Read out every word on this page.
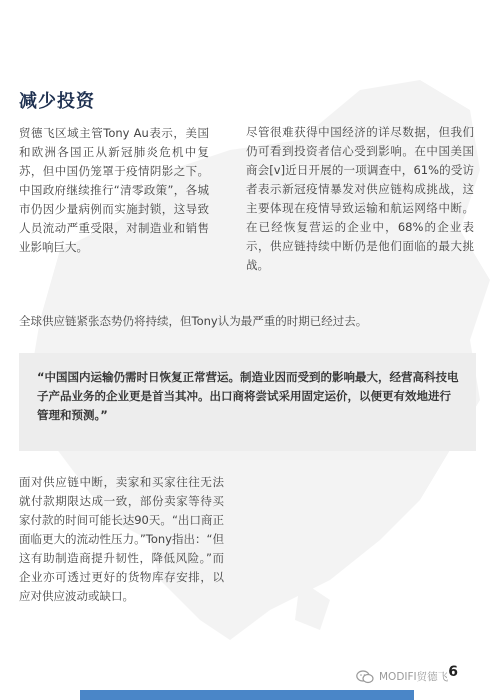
减少投资
贸德飞区域主管Tony Au表示，美国和欧洲各国正从新冠肺炎危机中复苏，但中国仍笼罩于疫情阴影之下。中国政府继续推行“清零政策”，各城市仍因少量病例而实施封锁，这导致人员流动严重受限，对制造业和销售业影响巨大。
尽管很难获得中国经济的详尽数据，但我们仍可看到投资者信心受到影响。在中国美国商会[v]近日开展的一项调查中，61%的受访者表示新冠疫情暴发对供应链构成挑战，这主要体现在疫情导致运输和航运网络中断。在已经恢复营运的企业中，68%的企业表示，供应链持续中断仍是他们面临的最大挑战。
全球供应链紧张态势仍将持续，但Tony认为最严重的时期已经过去。
“中国国内运输仍需时日恢复正常营运。制造业因而受到的影响最大，经营高科技电子产品业务的企业更是首当其冲。出口商将尝试采用固定运价，以便更有效地进行管理和预测。”
面对供应链中断，卖家和买家往往无法就付款期限达成一致，部份卖家等待买家付款的时间可能长达90天。“出口商正面临更大的流动性压力。”Tony指出：“但这有助制造商提升韧性，降低风险。”而企业亦可透过更好的货物库存安排，以应对供应波动或缺口。
MODIFI贸德飞 6
